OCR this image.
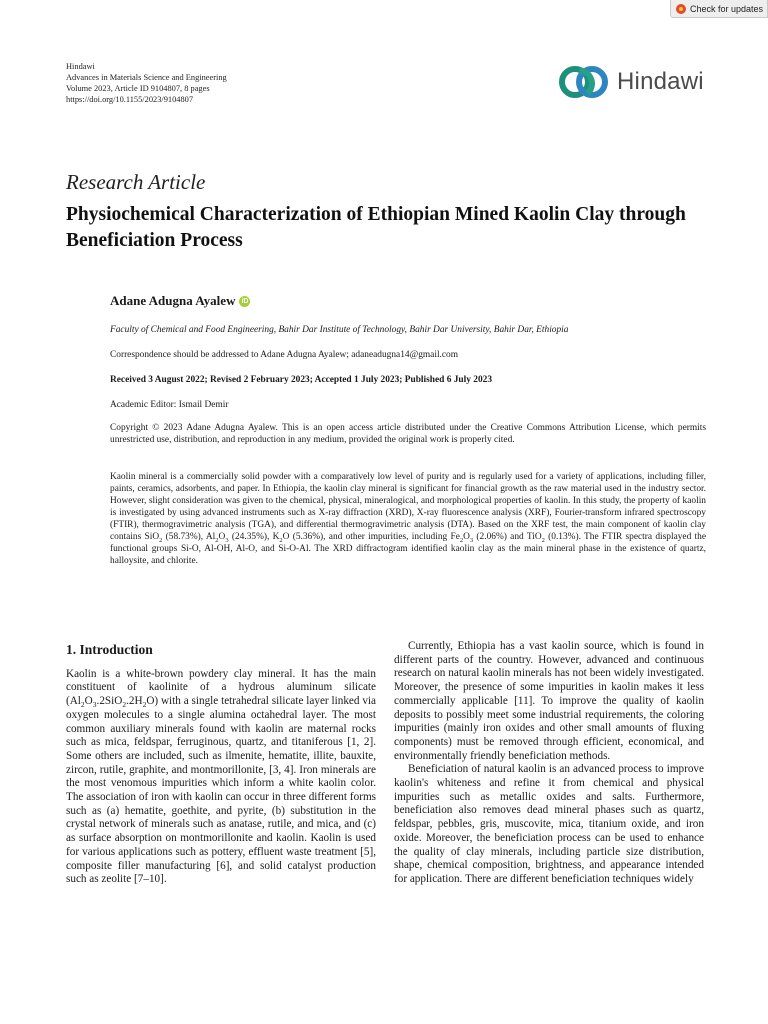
Check for updates
Hindawi
Advances in Materials Science and Engineering
Volume 2023, Article ID 9104807, 8 pages
https://doi.org/10.1155/2023/9104807
Hindawi
Research Article
Physiochemical Characterization of Ethiopian Mined Kaolin Clay through Beneficiation Process
Adane Adugna Ayalew iD
Faculty of Chemical and Food Engineering, Bahir Dar Institute of Technology, Bahir Dar University, Bahir Dar, Ethiopia
Correspondence should be addressed to Adane Adugna Ayalew; adaneadugna14@gmail.com
Received 3 August 2022; Revised 2 February 2023; Accepted 1 July 2023; Published 6 July 2023
Academic Editor: Ismail Demir
Copyright © 2023 Adane Adugna Ayalew. This is an open access article distributed under the Creative Commons Attribution License, which permits unrestricted use, distribution, and reproduction in any medium, provided the original work is properly cited.
Kaolin mineral is a commercially solid powder with a comparatively low level of purity and is regularly used for a variety of applications, including filler, paints, ceramics, adsorbents, and paper. In Ethiopia, the kaolin clay mineral is significant for financial growth as the raw material used in the industry sector. However, slight consideration was given to the chemical, physical, mineralogical, and morphological properties of kaolin. In this study, the property of kaolin is investigated by using advanced instruments such as X-ray diffraction (XRD), X-ray fluorescence analysis (XRF), Fourier-transform infrared spectroscopy (FTIR), thermogravimetric analysis (TGA), and differential thermogravimetric analysis (DTA). Based on the XRF test, the main component of kaolin clay contains SiO$_2$ (58.73%), $Al_2O_3$ (24.35%), $K_2O$ (5.36%), and other impurities, including $Fe_2O_3$ (2.06%) and TiO$_2$ (0.13%). The FTIR spectra displayed the functional groups Si-O, Al-OH, Al-O, and Si-O-Al. The XRD diffractogram identified kaolin clay as the main mineral phase in the existence of quartz, halloysite, and chlorite.
1. Introduction

Kaolin is a white-brown powdery clay mineral. It has the main constituent of kaolinite of a hydrous aluminum silicate $(Al_2O_3.2SiO_2.2H_2O)$ with a single tetrahedral silicate layer linked via oxygen molecules to a single alumina octahedral layer. The most common auxiliary minerals found with kaolin are maternal rocks such as mica, feldspar, ferruginous, quartz, and titaniferous [1, 2]. Some others are included, such as ilmenite, hematite, illite, bauxite, zircon, rutile, graphite, and montmorillonite, [3, 4]. Iron minerals are the most venomous impurities which inform a white kaolin color. The association of iron with kaolin can occur in three different forms such as (a) hematite, goethite, and pyrite, (b) substitution in the crystal network of minerals such as anatase, rutile, and mica, and (c) as surface absorption on montmorillonite and kaolin. Kaolin is used for various applications such as pottery, effluent waste treatment [5], composite filler manufacturing [6], and solid catalyst production such as zeolite [7–10].

Currently, Ethiopia has a vast kaolin source, which is found in different parts of the country. However, advanced and continuous research on natural kaolin minerals has not been widely investigated. Moreover, the presence of some impurities in kaolin makes it less commercially applicable [11]. To improve the quality of kaolin deposits to possibly meet some industrial requirements, the coloring impurities (mainly iron oxides and other small amounts of fluxing components) must be removed through efficient, economical, and environmentally friendly beneficiation methods.

Beneficiation of natural kaolin is an advanced process to improve kaolin's whiteness and refine it from chemical and physical impurities such as metallic oxides and salts. Furthermore, beneficiation also removes dead mineral phases such as quartz, feldspar, pebbles, gris, muscovite, mica, titanium oxide, and iron oxide. Moreover, the beneficiation process can be used to enhance the quality of clay minerals, including particle size distribution, shape, chemical composition, brightness, and appearance intended for application. There are different beneficiation techniques widely
